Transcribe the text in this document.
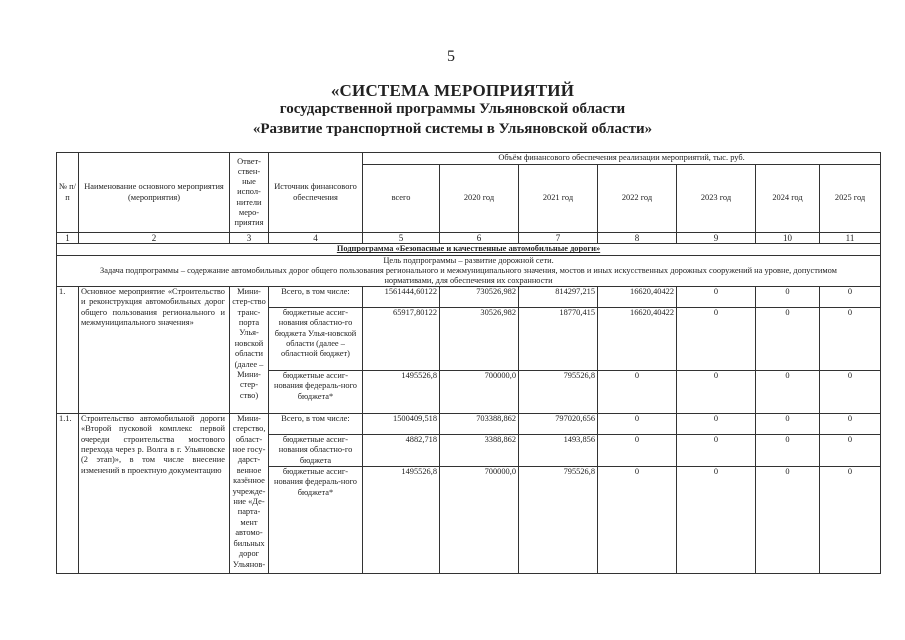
5
«СИСТЕМА МЕРОПРИЯТИЙ
государственной программы Ульяновской области
«Развитие транспортной системы в Ульяновской области»
№ п/п	Наименование основного мероприятия (мероприятия)	Ответ-ствен-ные испол-нители меро-приятия	Источник финансового обеспечения	Объём финансового обеспечения реализации мероприятий, тыс. руб.						
				всего	2020 год	2021 год	2022 год	2023 год	2024 год	2025 год
1	2	3	4	5	6	7	8	9	10	11
Подпрограмма «Безопасные и качественные автомобильные дороги»										

Цель подпрограммы – развитие дорожной сети.
Задача подпрограммы – содержание автомобильных дорог общего пользования регионального и межмуниципального значения, мостов и иных искусственных дорожных сооружений на уровне, допустимом нормативами, для обеспечения их сохранности										

1.	Основное мероприятие «Строительство и реконструкция автомобильных дорог общего пользования регионального и межмуниципального значения»	Мини-стер-ство транс-порта Улья-новской области (далее – Мини-стер-ство)	Всего, в том числе:	1561444,60122	730526,982	814297,215	16620,40422	0	0	0
			бюджетные ассиг-нования областно-го бюджета Улья-новской области (далее – областной бюджет)	65917,80122	30526,982	18770,415	16620,40422	0	0	0
			бюджетные ассиг-нования федераль-ного бюджета*	1495526,8	700000,0	795526,8	0	0	0	0
1.1.	Строительство автомобильной дороги «Второй пусковой комплекс первой очереди строительства мостового перехода через р. Волга в г. Ульяновске (2 этап)», в том числе внесение изменений в проектную документацию	Мини-стерство, област-ное госу-дарст-венное казённое учрежде-ние «Де-парта-мент автомо-бильных дорог Ульянов-	Всего, в том числе:	1500409,518	703388,862	797020,656	0	0	0	0
			бюджетные ассиг-нования областно-го бюджета	4882,718	3388,862	1493,856	0	0	0	0
			бюджетные ассиг-нования федераль-ного бюджета*	1495526,8	700000,0	795526,8	0	0	0	0
